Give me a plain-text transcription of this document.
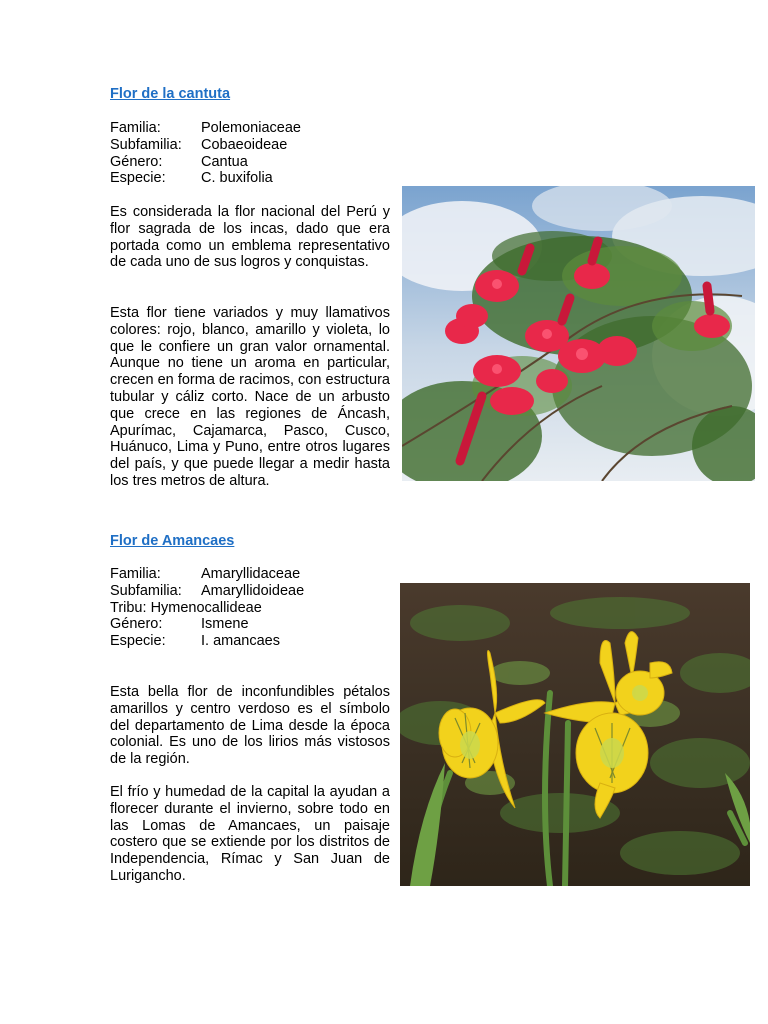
Flor de la cantuta
Familia:	Polemoniaceae
Subfamilia:	Cobaeoideae
Género:	Cantua
Especie:	C. buxifolia

Es considerada la flor nacional del Perú y flor sagrada de los incas, dado que era portada como un emblema representativo de cada uno de sus logros y conquistas.

Esta flor tiene variados y muy llamativos colores: rojo, blanco, amarillo y violeta, lo que le confiere un gran valor ornamental. Aunque no tiene un aroma en particular, crecen en forma de racimos, con estructura tubular y cáliz corto. Nace de un arbusto que crece en las regiones de Áncash, Apurímac, Cajamarca, Pasco, Cusco, Huánuco, Lima y Puno, entre otros lugares del país, y que puede llegar a medir hasta los tres metros de altura.

Flor de Amancaes
Familia:	Amaryllidaceae
Subfamilia:	Amaryllidoideae
Tribu:
Hymenocallideae
Género:	Ismene
Especie:	I. amancaes

Esta bella flor de inconfundibles pétalos amarillos y centro verdoso es el símbolo del departamento de Lima desde la época colonial. Es uno de los lirios más vistosos de la región.

El frío y humedad de la capital la ayudan a florecer durante el invierno, sobre todo en las Lomas de Amancaes, un paisaje costero que se extiende por los distritos de Independencia, Rímac y San Juan de Lurigancho.
